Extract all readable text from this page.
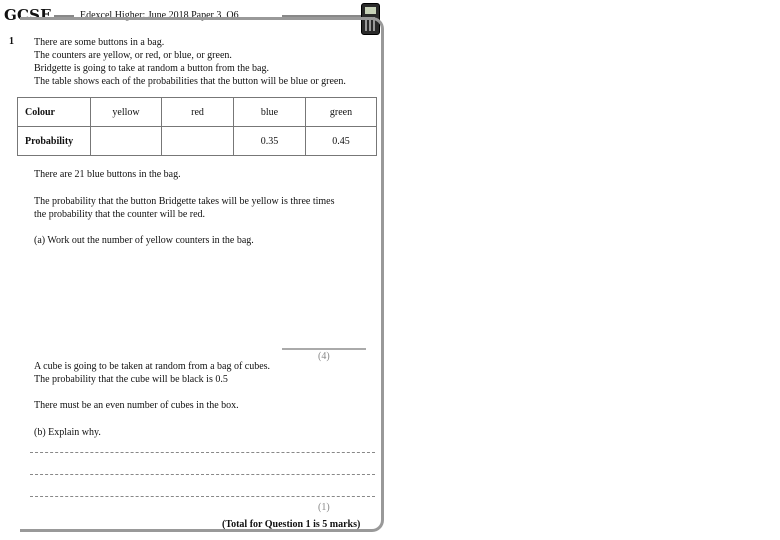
GCSE	Edexcel Higher: June 2018 Paper 3, Q6
1 There are some buttons in a bag.
The counters are yellow, or red, or blue, or green.
Bridgette is going to take at random a button from the bag.
The table shows each of the probabilities that the button will be blue or green.
Colour	yellow	red	blue	green
Probability			0.35	0.45
There are 21 blue buttons in the bag.
The probability that the button Bridgette takes will be yellow is three times
the probability that the counter will be red.
(a) Work out the number of yellow counters in the bag.
(4)
A cube is going to be taken at random from a bag of cubes.
The probability that the cube will be black is 0.5
There must be an even number of cubes in the box.
(b) Explain why.
(1)
(Total for Question 1 is 5 marks)
